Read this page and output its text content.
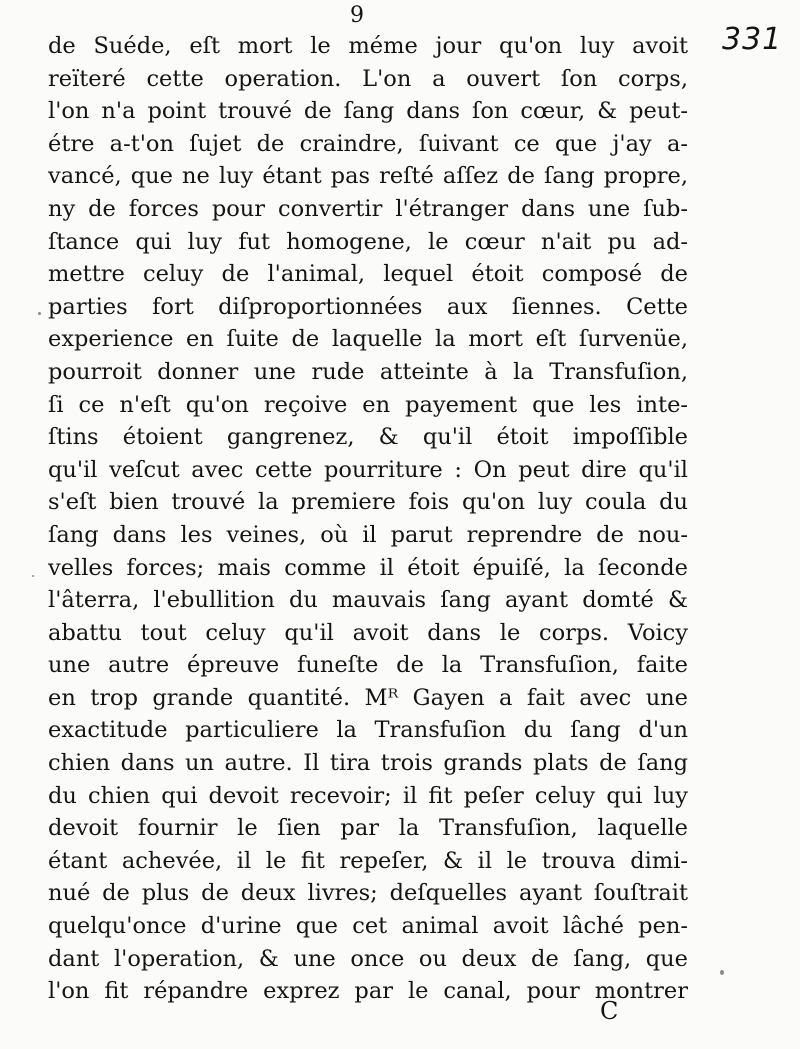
9
331
de Suéde, eſt mort le méme jour qu'on luy avoit
reïteré cette operation. L'on a ouvert ſon corps,
l'on n'a point trouvé de ſang dans ſon cœur, & peut-
étre a-t'on ſujet de craindre, ſuivant ce que j'ay a-
vancé, que ne luy étant pas reſté aſſez de ſang propre,
ny de forces pour convertir l'étranger dans une ſub-
ſtance qui luy fut homogene, le cœur n'ait pu ad-
mettre celuy de l'animal, lequel étoit composé de
parties fort diſproportionnées aux ſiennes. Cette
experience en ſuite de laquelle la mort eſt ſurvenüe,
pourroit donner une rude atteinte à la Transfuſion,
ſi ce n'eſt qu'on reçoive en payement que les inte-
ſtins étoient gangrenez, & qu'il étoit impoſſible
qu'il veſcut avec cette pourriture : On peut dire qu'il
s'eſt bien trouvé la premiere fois qu'on luy coula du
ſang dans les veines, où il parut reprendre de nou-
velles forces; mais comme il étoit épuiſé, la ſeconde
l'âterra, l'ebullition du mauvais ſang ayant domté &
abattu tout celuy qu'il avoit dans le corps. Voicy
une autre épreuve funeſte de la Transfuſion, faite
en trop grande quantité. Mᴿ Gayen a fait avec une
exactitude particuliere la Transfuſion du ſang d'un
chien dans un autre. Il tira trois grands plats de ſang
du chien qui devoit recevoir; il fit peſer celuy qui luy
devoit fournir le ſien par la Transfuſion, laquelle
étant achevée, il le fit repeſer, & il le trouva dimi-
nué de plus de deux livres; deſquelles ayant ſouſtrait
quelqu'once d'urine que cet animal avoit lâché pen-
dant l'operation, & une once ou deux de ſang, que
l'on fit répandre exprez par le canal, pour montrer
C
